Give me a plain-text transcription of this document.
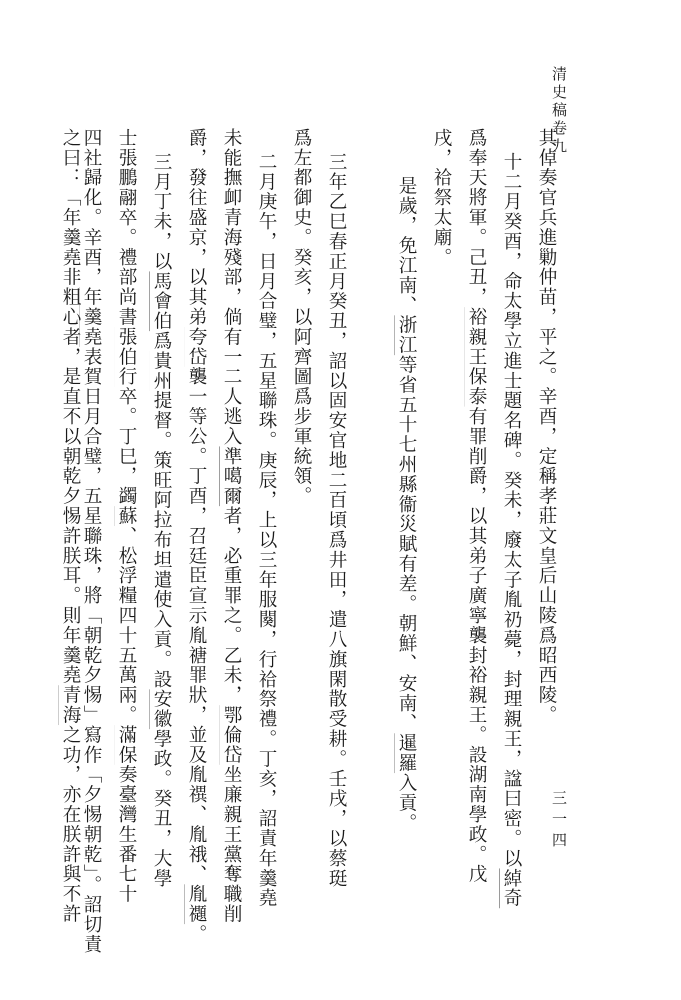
清史稿卷九
三一四
其倬奏官兵進勦仲苗，平之。辛酉，定稱孝莊文皇后山陵爲昭西陵。
十二月癸酉，命太學立進士題名碑。癸未，廢太子胤礽薨，封理親王，諡曰密。以綽奇
爲奉天將軍。己丑，裕親王保泰有罪削爵，以其弟子廣寧襲封裕親王。設湖南學政。戊
戌，祫祭太廟。
是歲，免江南、浙江等省五十七州縣衞災賦有差。朝鮮、安南、暹羅入貢。
三年乙巳春正月癸丑，詔以固安官地二百頃爲井田，遣八旗閑散受耕。壬戌，以蔡珽
爲左都御史。癸亥，以阿齊圖爲步軍統領。
二月庚午，日月合璧，五星聯珠。庚辰，上以三年服闋，行祫祭禮。丁亥，詔責年羹堯
未能撫卹青海殘部，倘有一二人逃入準噶爾者，必重罪之。乙未，鄂倫岱坐廉親王黨奪職削
爵，發往盛京，以其弟夸岱襲一等公。丁酉，召廷臣宣示胤禟罪狀，並及胤禩、胤䄉、胤禵。
三月丁未，以馬會伯爲貴州提督。策旺阿拉布坦遣使入貢。設安徽學政。癸丑，大學
士張鵬翮卒。禮部尚書張伯行卒。丁巳，蠲蘇、松浮糧四十五萬兩。滿保奏臺灣生番七十
四社歸化。辛酉，年羹堯表賀日月合璧，五星聯珠，將「朝乾夕惕」寫作「夕惕朝乾」。詔切責
之曰：「年羹堯非粗心者，是直不以朝乾夕惕許朕耳。則年羹堯青海之功，亦在朕許與不許
